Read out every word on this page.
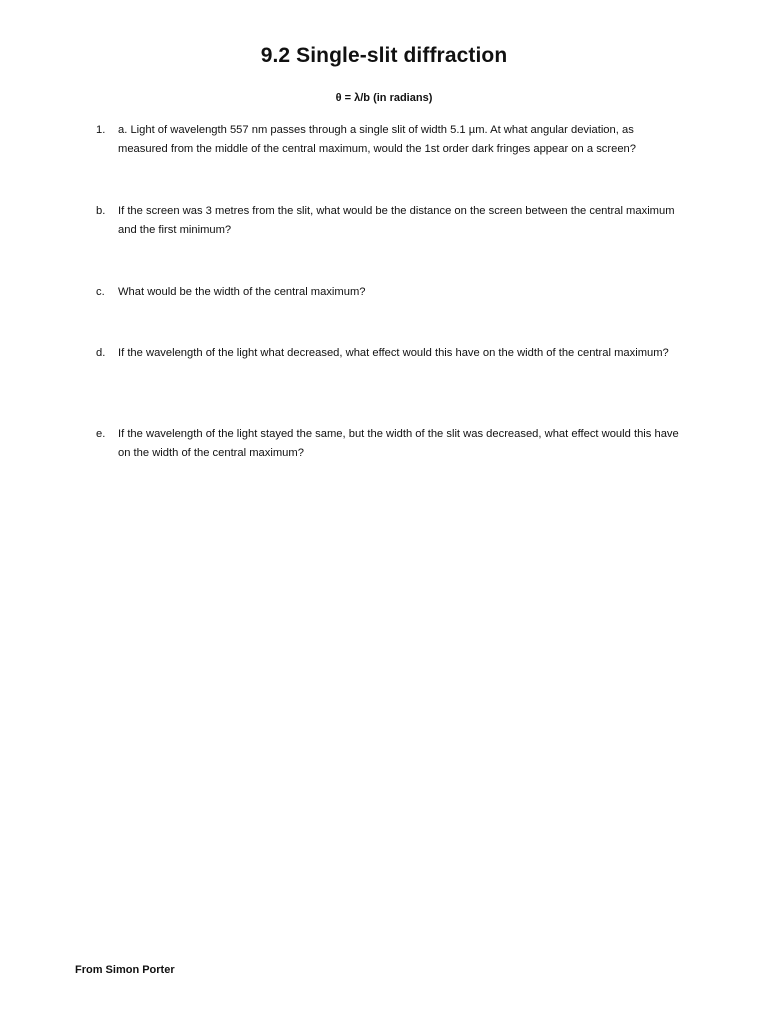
9.2 Single-slit diffraction
θ = λ/b (in radians)
1.	a. Light of wavelength 557 nm passes through a single slit of width 5.1 µm. At what angular deviation, as measured from the middle of the central maximum, would the 1st order dark fringes appear on a screen?
b.	If the screen was 3 metres from the slit, what would be the distance on the screen between the central maximum and the first minimum?
c.	What would be the width of the central maximum?
d.	If the wavelength of the light what decreased, what effect would this have on the width of the central maximum?
e.	If the wavelength of the light stayed the same, but the width of the slit was decreased, what effect would this have on the width of the central maximum?
From Simon Porter
